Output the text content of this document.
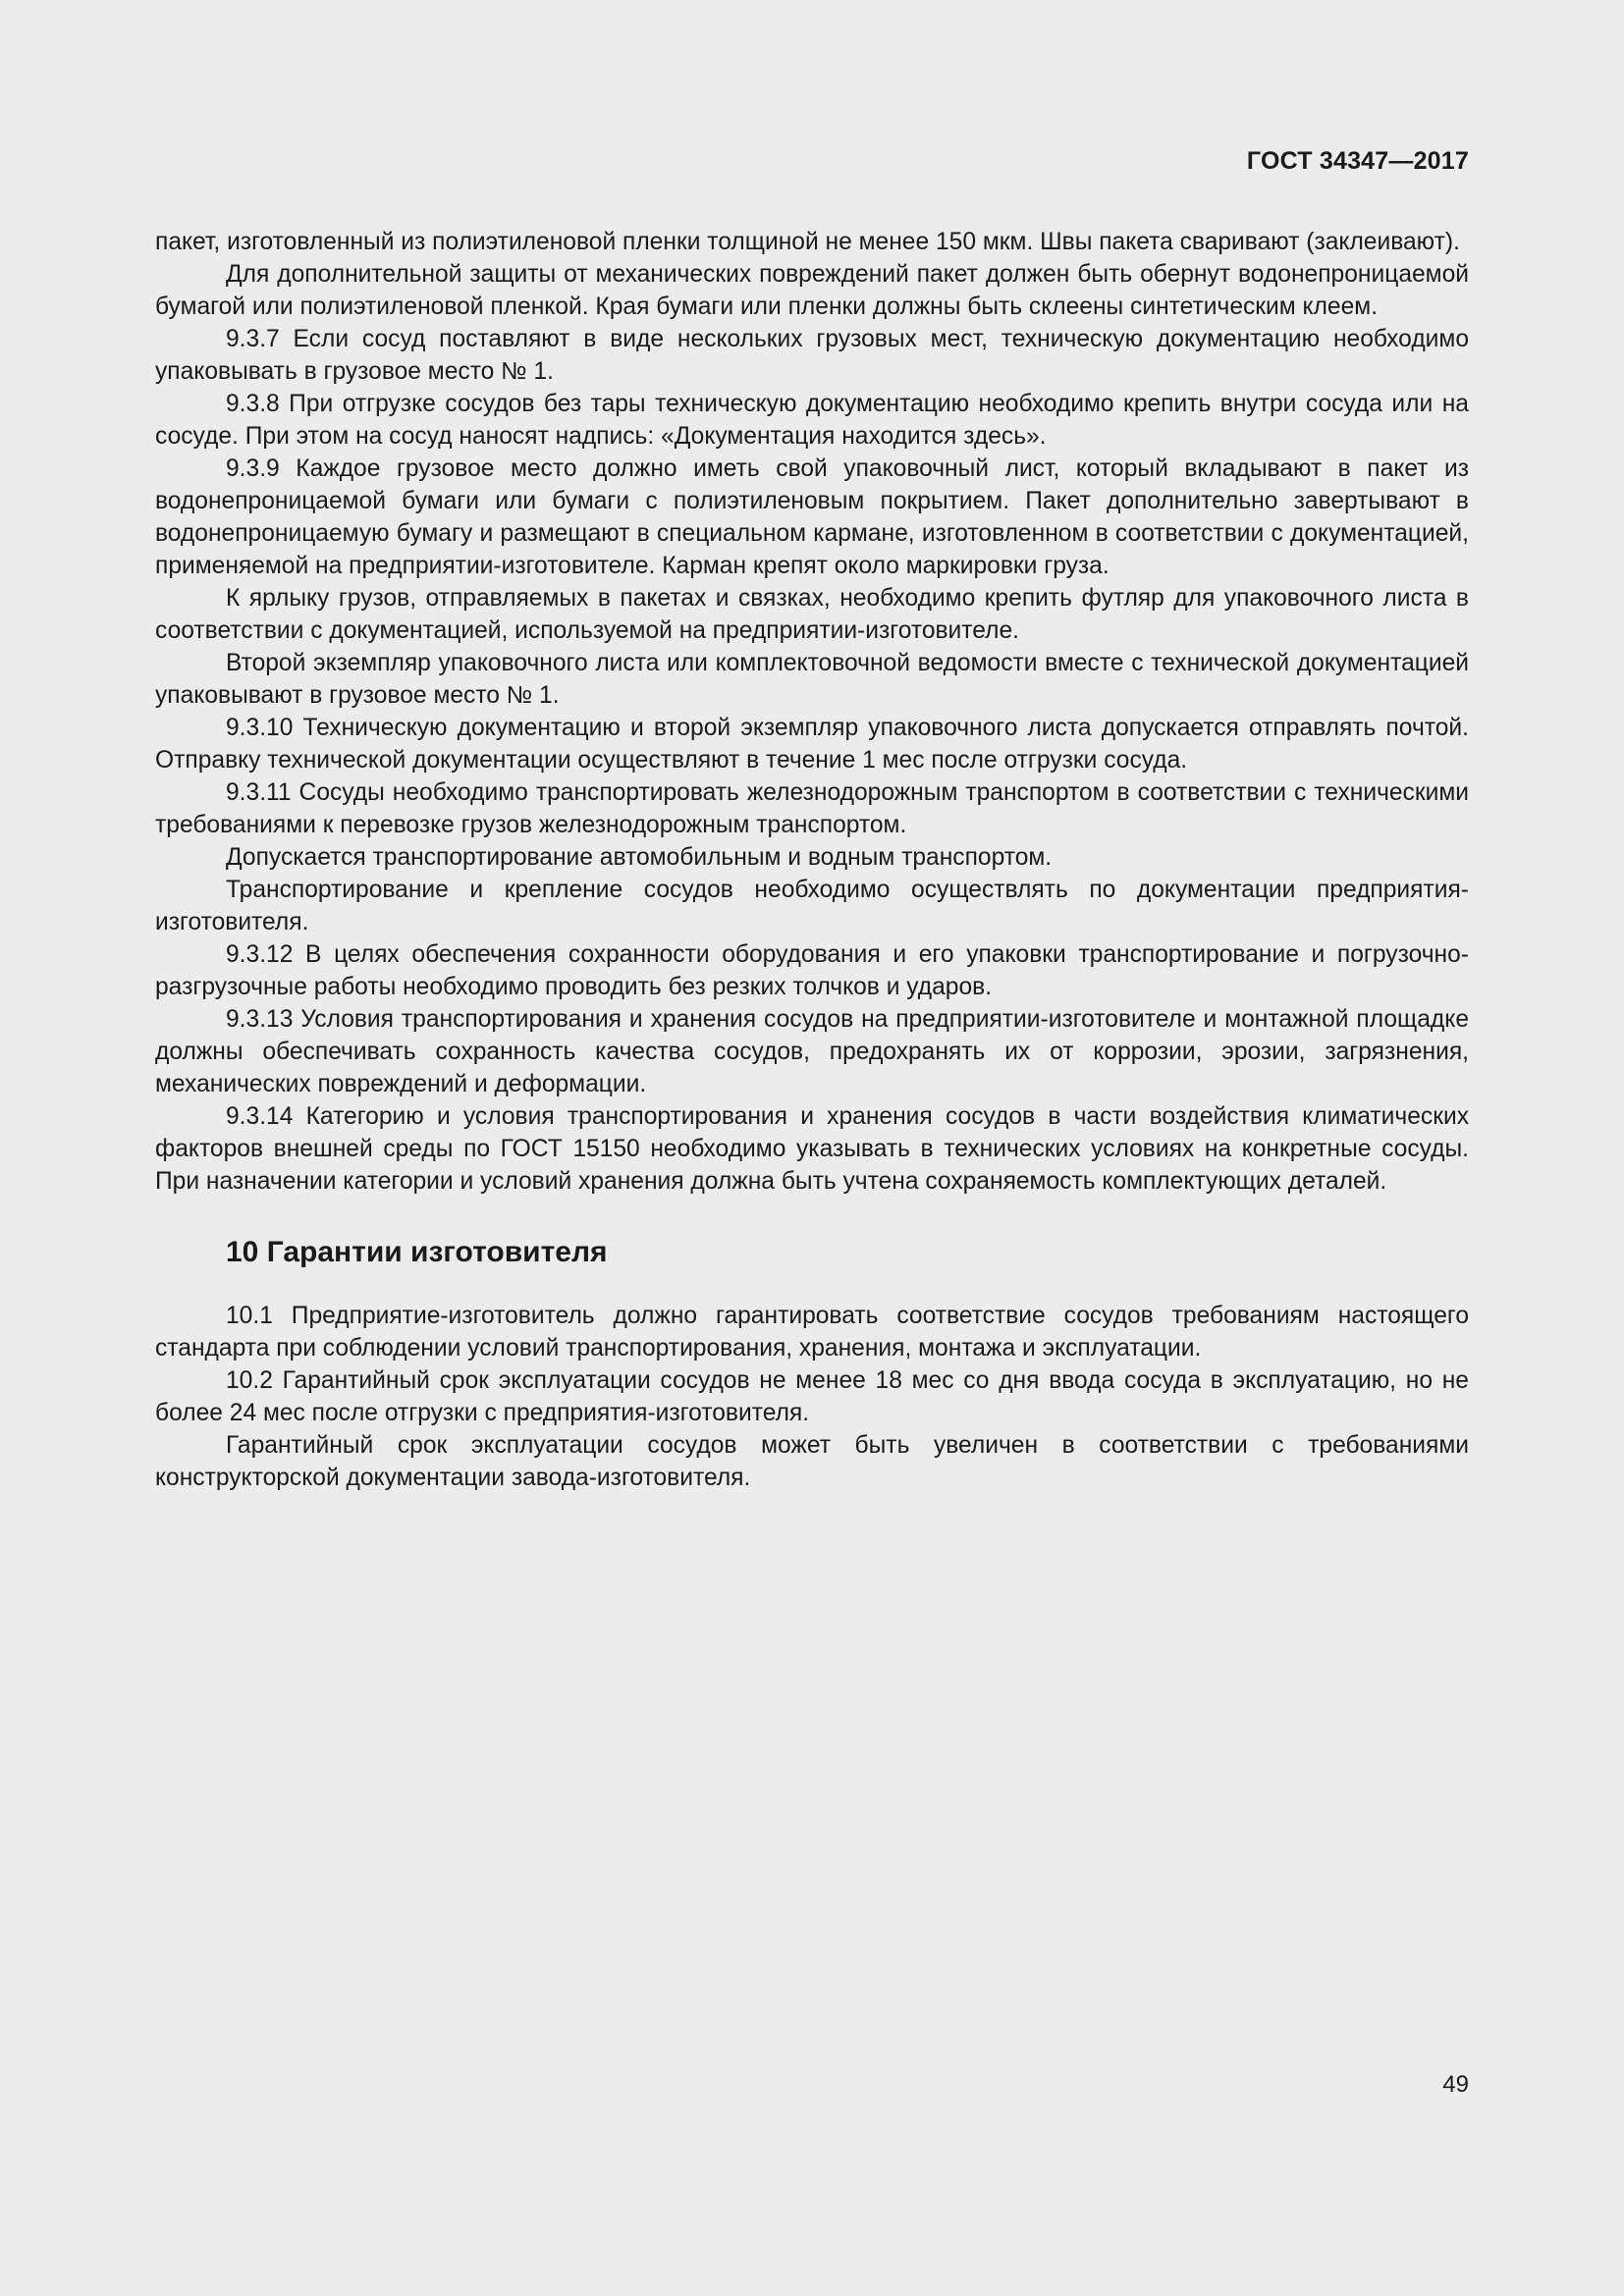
ГОСТ 34347—2017

пакет, изготовленный из полиэтиленовой пленки толщиной не менее 150 мкм. Швы пакета сваривают (заклеивают).

Для дополнительной защиты от механических повреждений пакет должен быть обернут водонепроницаемой бумагой или полиэтиленовой пленкой. Края бумаги или пленки должны быть склеены синтетическим клеем.

9.3.7 Если сосуд поставляют в виде нескольких грузовых мест, техническую документацию необходимо упаковывать в грузовое место № 1.

9.3.8 При отгрузке сосудов без тары техническую документацию необходимо крепить внутри сосуда или на сосуде. При этом на сосуд наносят надпись: «Документация находится здесь».

9.3.9 Каждое грузовое место должно иметь свой упаковочный лист, который вкладывают в пакет из водонепроницаемой бумаги или бумаги с полиэтиленовым покрытием. Пакет дополнительно завертывают в водонепроницаемую бумагу и размещают в специальном кармане, изготовленном в соответствии с документацией, применяемой на предприятии-изготовителе. Карман крепят около маркировки груза.

К ярлыку грузов, отправляемых в пакетах и связках, необходимо крепить футляр для упаковочного листа в соответствии с документацией, используемой на предприятии-изготовителе.

Второй экземпляр упаковочного листа или комплектовочной ведомости вместе с технической документацией упаковывают в грузовое место № 1.

9.3.10 Техническую документацию и второй экземпляр упаковочного листа допускается отправлять почтой. Отправку технической документации осуществляют в течение 1 мес после отгрузки сосуда.

9.3.11 Сосуды необходимо транспортировать железнодорожным транспортом в соответствии с техническими требованиями к перевозке грузов железнодорожным транспортом.

Допускается транспортирование автомобильным и водным транспортом.

Транспортирование и крепление сосудов необходимо осуществлять по документации предприятия-изготовителя.

9.3.12 В целях обеспечения сохранности оборудования и его упаковки транспортирование и погрузочно-разгрузочные работы необходимо проводить без резких толчков и ударов.

9.3.13 Условия транспортирования и хранения сосудов на предприятии-изготовителе и монтажной площадке должны обеспечивать сохранность качества сосудов, предохранять их от коррозии, эрозии, загрязнения, механических повреждений и деформации.

9.3.14 Категорию и условия транспортирования и хранения сосудов в части воздействия климатических факторов внешней среды по ГОСТ 15150 необходимо указывать в технических условиях на конкретные сосуды. При назначении категории и условий хранения должна быть учтена сохраняемость комплектующих деталей.

10 Гарантии изготовителя

10.1 Предприятие-изготовитель должно гарантировать соответствие сосудов требованиям настоящего стандарта при соблюдении условий транспортирования, хранения, монтажа и эксплуатации.

10.2 Гарантийный срок эксплуатации сосудов не менее 18 мес со дня ввода сосуда в эксплуатацию, но не более 24 мес после отгрузки с предприятия-изготовителя.

Гарантийный срок эксплуатации сосудов может быть увеличен в соответствии с требованиями конструкторской документации завода-изготовителя.

49
